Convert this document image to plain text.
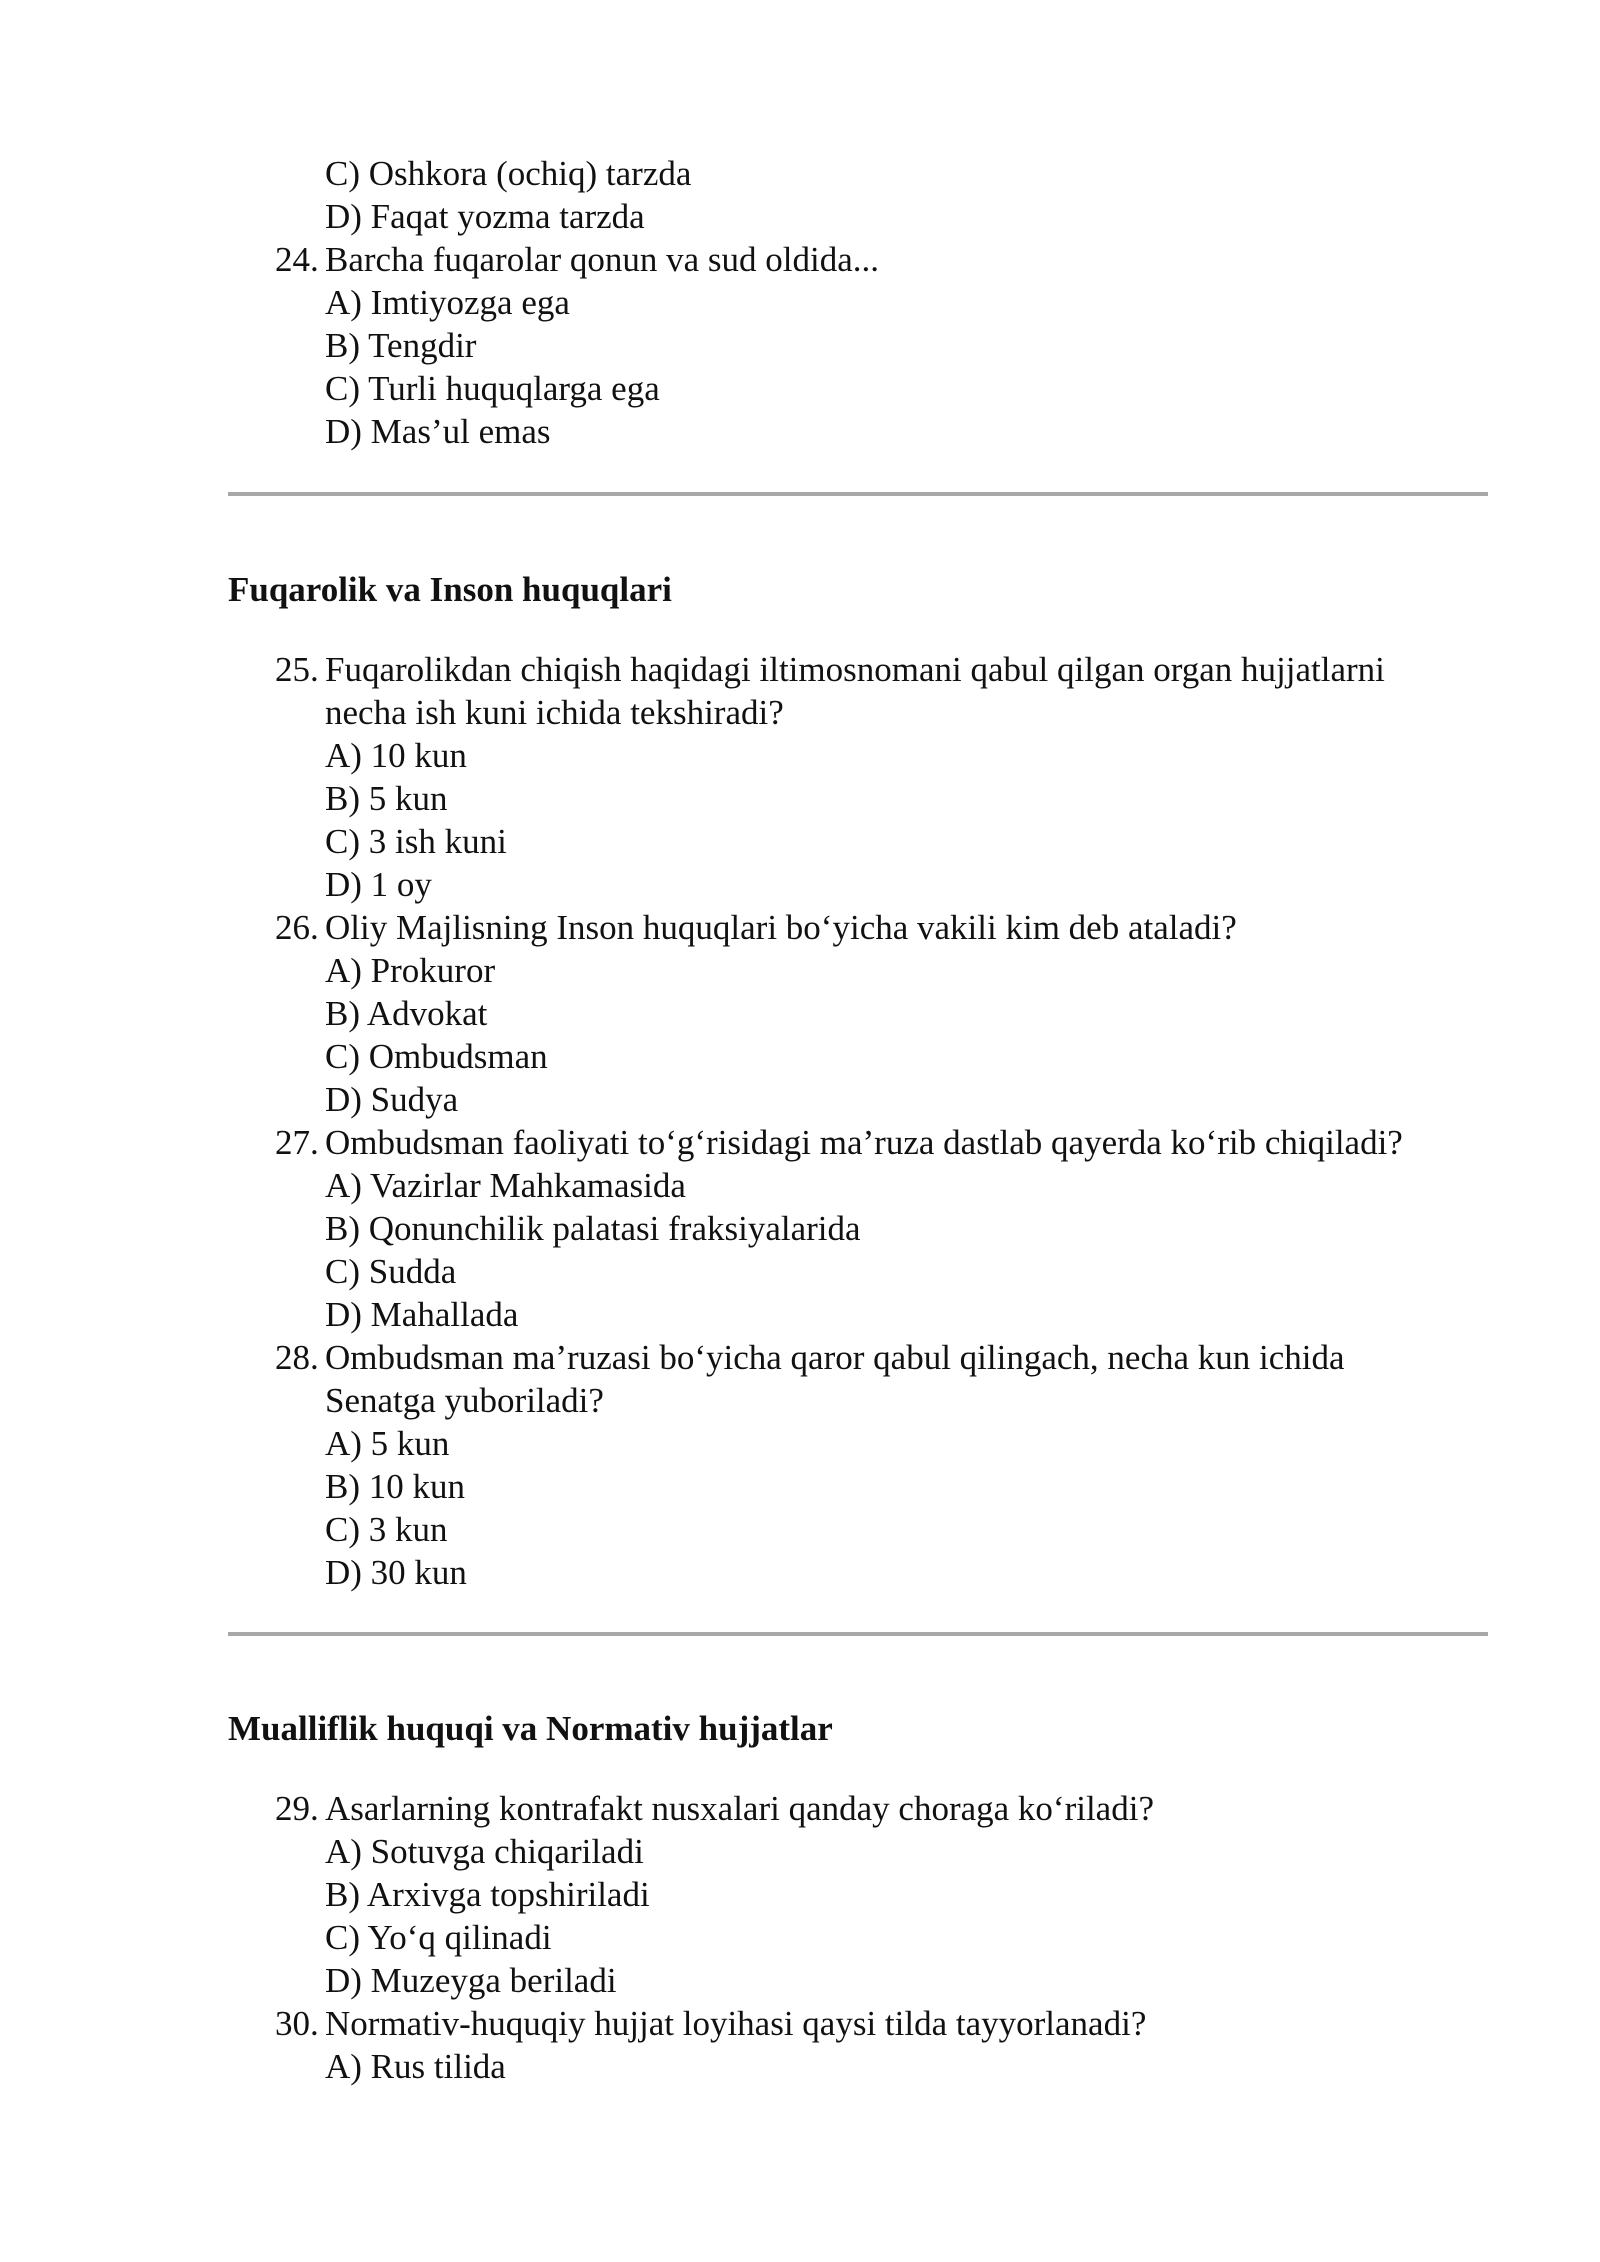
C) Oshkora (ochiq) tarzda
D) Faqat yozma tarzda
24. Barcha fuqarolar qonun va sud oldida...
A) Imtiyozga ega
B) Tengdir
C) Turli huquqlarga ega
D) Mas’ul emas
Fuqarolik va Inson huquqlari
25. Fuqarolikdan chiqish haqidagi iltimosnomani qabul qilgan organ hujjatlarni
necha ish kuni ichida tekshiradi?
A) 10 kun
B) 5 kun
C) 3 ish kuni
D) 1 oy
26. Oliy Majlisning Inson huquqlari bo‘yicha vakili kim deb ataladi?
A) Prokuror
B) Advokat
C) Ombudsman
D) Sudya
27. Ombudsman faoliyati to‘g‘risidagi ma’ruza dastlab qayerda ko‘rib chiqiladi?
A) Vazirlar Mahkamasida
B) Qonunchilik palatasi fraksiyalarida
C) Sudda
D) Mahallada
28. Ombudsman ma’ruzasi bo‘yicha qaror qabul qilingach, necha kun ichida
Senatga yuboriladi?
A) 5 kun
B) 10 kun
C) 3 kun
D) 30 kun
Mualliflik huquqi va Normativ hujjatlar
29. Asarlarning kontrafakt nusxalari qanday choraga ko‘riladi?
A) Sotuvga chiqariladi
B) Arxivga topshiriladi
C) Yo‘q qilinadi
D) Muzeyga beriladi
30. Normativ-huquqiy hujjat loyihasi qaysi tilda tayyorlanadi?
A) Rus tilida
